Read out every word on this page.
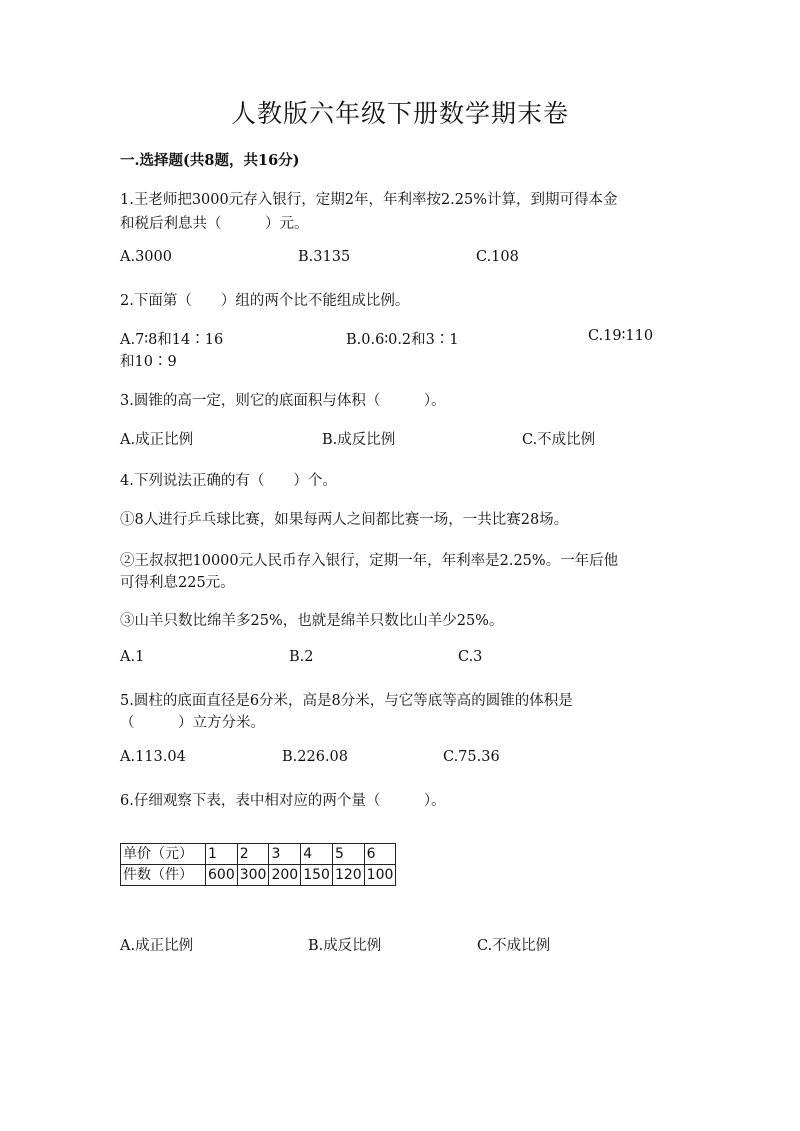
人教版六年级下册数学期末卷
一.选择题(共8题，共16分)
1.王老师把3000元存入银行，定期2年，年利率按2.25%计算，到期可得本金
和税后利息共（　　　）元。
A.3000	B.3135	C.108
2.下面第（　　）组的两个比不能组成比例。
A.7∶8和14∶16	B.0.6∶0.2和3∶1	C.19∶110
和10∶9
3.圆锥的高一定，则它的底面积与体积（　　　）。
A.成正比例	B.成反比例	C.不成比例
4.下列说法正确的有（　　）个。
①8人进行乒乓球比赛，如果每两人之间都比赛一场，一共比赛28场。
②王叔叔把10000元人民币存入银行，定期一年，年利率是2.25%。一年后他
可得利息225元。
③山羊只数比绵羊多25%，也就是绵羊只数比山羊少25%。
A.1	B.2	C.3
5.圆柱的底面直径是6分米，高是8分米，与它等底等高的圆锥的体积是
（　　　）立方分米。
A.113.04	B.226.08	C.75.36
6.仔细观察下表，表中相对应的两个量（　　　）。
单价（元）	1	2	3	4	5	6
件数（件）	600	300	200	150	120	100
A.成正比例	B.成反比例	C.不成比例
